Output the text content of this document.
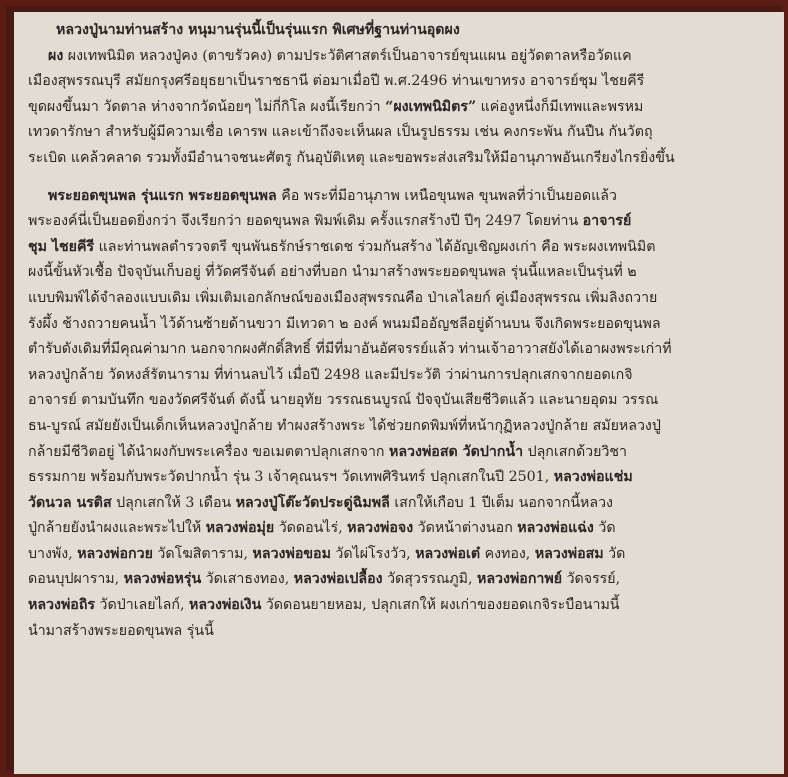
หลวงปู่นามท่านสร้าง หนุมานรุ่นนี้เป็นรุ่นแรก พิเศษที่ฐานท่านอุดผง
ผง ผงเทพนิมิต หลวงปู่คง (ตาขรัวคง) ตามประวัติศาสตร์เป็นอาจารย์ขุนแผน อยู่วัดตาลหรือวัดแค
เมืองสุพรรณบุรี สมัยกรุงศรีอยุธยาเป็นราชธานี ต่อมาเมื่อปี พ.ศ.2496 ท่านเขาทรง อาจารย์ชุม ไชยคีรี
ขุดผงขึ้นมา วัดตาล ห่างจากวัดน้อยๆ ไม่กี่กิโล ผงนี้เรียกว่า “ผงเทพนิมิตร” แค่องูหนึ่งก็มีเทพและพรหม
เทวดารักษา สำหรับผู้มีความเชื่อ เคารพ และเข้าถึงจะเห็นผล เป็นรูปธรรม เช่น คงกระพัน กันปืน กันวัตถุ
ระเบิด แคล้วคลาด รวมทั้งมีอำนาจชนะศัตรู กันอุบัติเหตุ และขอพระส่งเสริมให้มีอานุภาพอันเกรียงไกรยิ่งขึ้น
พระยอดขุนพล รุ่นแรก พระยอดขุนพล คือ พระที่มีอานุภาพ เหนือขุนพล ขุนพลที่ว่าเป็นยอดแล้ว
พระองค์นี่เป็นยอดยิ่งกว่า จึงเรียกว่า ยอดขุนพล พิมพ์เดิม ครั้งแรกสร้างปี ปีๆ 2497 โดยท่าน อาจารย์
ชุม ไชยคีรี และท่านพลตำรวจตรี ขุนพันธรักษ์ราชเดช ร่วมกันสร้าง ได้อัญเชิญผงเก่า คือ พระผงเทพนิมิต
ผงนี้ขั้นหัวเชื้อ ปัจจุบันเก็บอยู่ ที่วัดศรีจันต์ อย่างที่บอก นำมาสร้างพระยอดขุนพล รุ่นนี้แหละเป็นรุ่นที่ ๒
แบบพิมพ์ได้จำลองแบบเดิม เพิ่มเติมเอกลักษณ์ของเมืองสุพรรณคือ ป่าเลไลยก์ คู่เมืองสุพรรณ เพิ่มลิงถวาย
รังผึ้ง ช้างถวายคนน้ำ ไว้ด้านซ้ายด้านขวา มีเทวดา ๒ องค์ พนมมืออัญชลีอยู่ด้านบน จึงเกิดพระยอดขุนพล
ตำรับดังเดิมที่มีคุณค่ามาก นอกจากผงศักดิ์สิทธิ์ ที่มีที่มาอันอัศจรรย์แล้ว ท่านเจ้าอาวาสยังได้เอาผงพระเก่าที่
หลวงปู่กล้าย วัดหงส์รัตนาราม ที่ท่านลบไว้ เมื่อปี 2498 และมีประวัติ ว่าผ่านการปลุกเสกจากยอดเกจิ
อาจารย์ ตามบันทึก ของวัดศรีจันต์ ดังนี้ นายอุทัย วรรณธนบูรณ์ ปัจจุบันเสียชีวิตแล้ว และนายอุดม วรรณ
ธน-บูรณ์ สมัยยังเป็นเด็กเห็นหลวงปู่กล้าย ทำผงสร้างพระ ได้ช่วยกดพิมพ์ที่หน้ากุฏิหลวงปู่กล้าย สมัยหลวงปู่
กล้ายมีชีวิตอยู่ ได้นำผงกับพระเครื่อง ขอเมตตาปลุกเสกจาก หลวงพ่อสด วัดปากน้ำ ปลุกเสกด้วยวิชา
ธรรมกาย พร้อมกับพระวัดปากน้ำ รุ่น 3 เจ้าคุณนรฯ วัดเทพศิรินทร์ ปลุกเสกในปี 2501, หลวงพ่อแช่ม
วัดนวล นรดิส ปลุกเสกให้ 3 เดือน หลวงปู่โต๊ะวัดประดู่ฉิมพลี เสกให้เกือบ 1 ปีเต็ม นอกจากนี้หลวง
ปู่กล้ายยังนำผงและพระไปให้ หลวงพ่อมุ่ย วัดดอนไร่, หลวงพ่อจง วัดหน้าต่างนอก หลวงพ่อแฉ่ง วัด
บางพัง, หลวงพ่อกวย วัดโฆสิตาราม, หลวงพ่อขอม วัดไผ่โรงวัว, หลวงพ่อเต๋ คงทอง, หลวงพ่อสม วัด
ดอนบุปผาราม, หลวงพ่อหรุ่น วัดเสาธงทอง, หลวงพ่อเปลื้อง วัดสุวรรณภูมิ, หลวงพ่อกาพย์ วัดจรรย์,
หลวงพ่อถิร วัดป่าเลยไลก์, หลวงพ่อเงิน วัดดอนยายหอม, ปลุกเสกให้ ผงเก่าของยอดเกจิระบือนามนี้
นำมาสร้างพระยอดขุนพล รุ่นนี้
